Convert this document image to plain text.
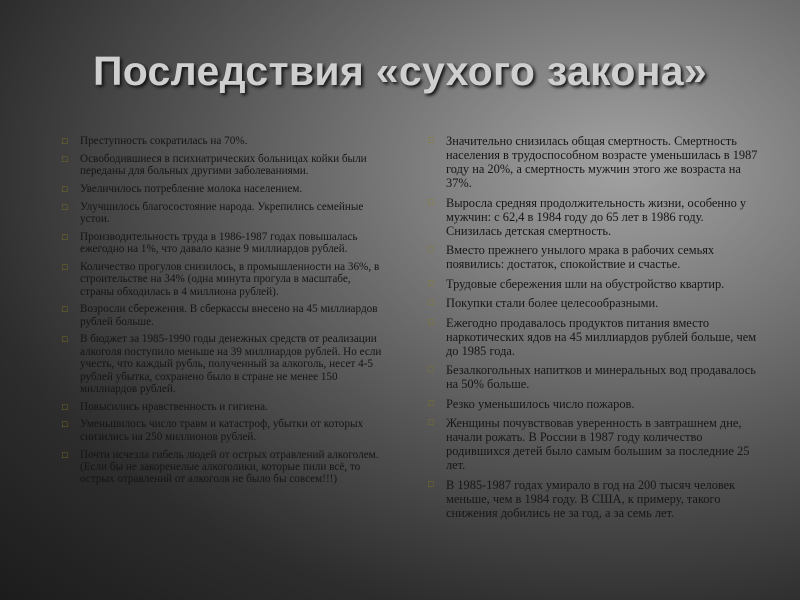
Последствия «сухого закона»
□ Преступность сократилась на 70%.
□ Освободившиеся в психиатрических больницах койки были переданы для больных другими заболеваниями.
□ Увеличилось потребление молока населением.
□ Улучшилось благосостояние народа. Укрепились семейные устои.
□ Производительность труда в 1986-1987 годах повышалась ежегодно на 1%, что давало казне 9 миллиардов рублей.
□ Количество прогулов снизилось, в промышленности на 36%, в строительстве на 34% (одна минута прогула в масштабе, страны обходилась в 4 миллиона рублей).
□ Возросли сбережения. В сберкассы внесено на 45 миллиардов рублей больше.
□ В бюджет за 1985-1990 годы денежных средств от реализации алкоголя поступило меньше на 39 миллиардов рублей. Но если учесть, что каждый рубль, полученный за алкоголь, несет 4-5 рублей убытка, сохранено было в стране не менее 150 миллиардов рублей.
□ Повысились нравственность и гигиена.
□ Уменьшилось число травм и катастроф, убытки от которых снизились на 250 миллионов рублей.
□ Почти исчезла гибель людей от острых отравлений алкоголем. (Если бы не закоренелые алкоголики, которые пили всё, то острых отравлений от алкоголя не было бы совсем!!!)
□ Значительно снизилась общая смертность. Смертность населения в трудоспособном возрасте уменьшилась в 1987 году на 20%, а смертность мужчин этого же возраста на 37%.
□ Выросла средняя продолжительность жизни, особенно у мужчин: с 62,4 в 1984 году до 65 лет в 1986 году. Снизилась детская смертность.
□ Вместо прежнего унылого мрака в рабочих семьях появились: достаток, спокойствие и счастье.
□ Трудовые сбережения шли на обустройство квартир.
□ Покупки стали более целесообразными.
□ Ежегодно продавалось продуктов питания вместо наркотических ядов на 45 миллиардов рублей больше, чем до 1985 года.
□ Безалкогольных напитков и минеральных вод продавалось на 50% больше.
□ Резко уменьшилось число пожаров.
□ Женщины почувствовав уверенность в завтрашнем дне, начали рожать. В России в 1987 году количество родившихся детей было самым большим за последние 25 лет.
□ В 1985-1987 годах умирало в год на 200 тысяч человек меньше, чем в 1984 году. В США, к примеру, такого снижения добились не за год, а за семь лет.
